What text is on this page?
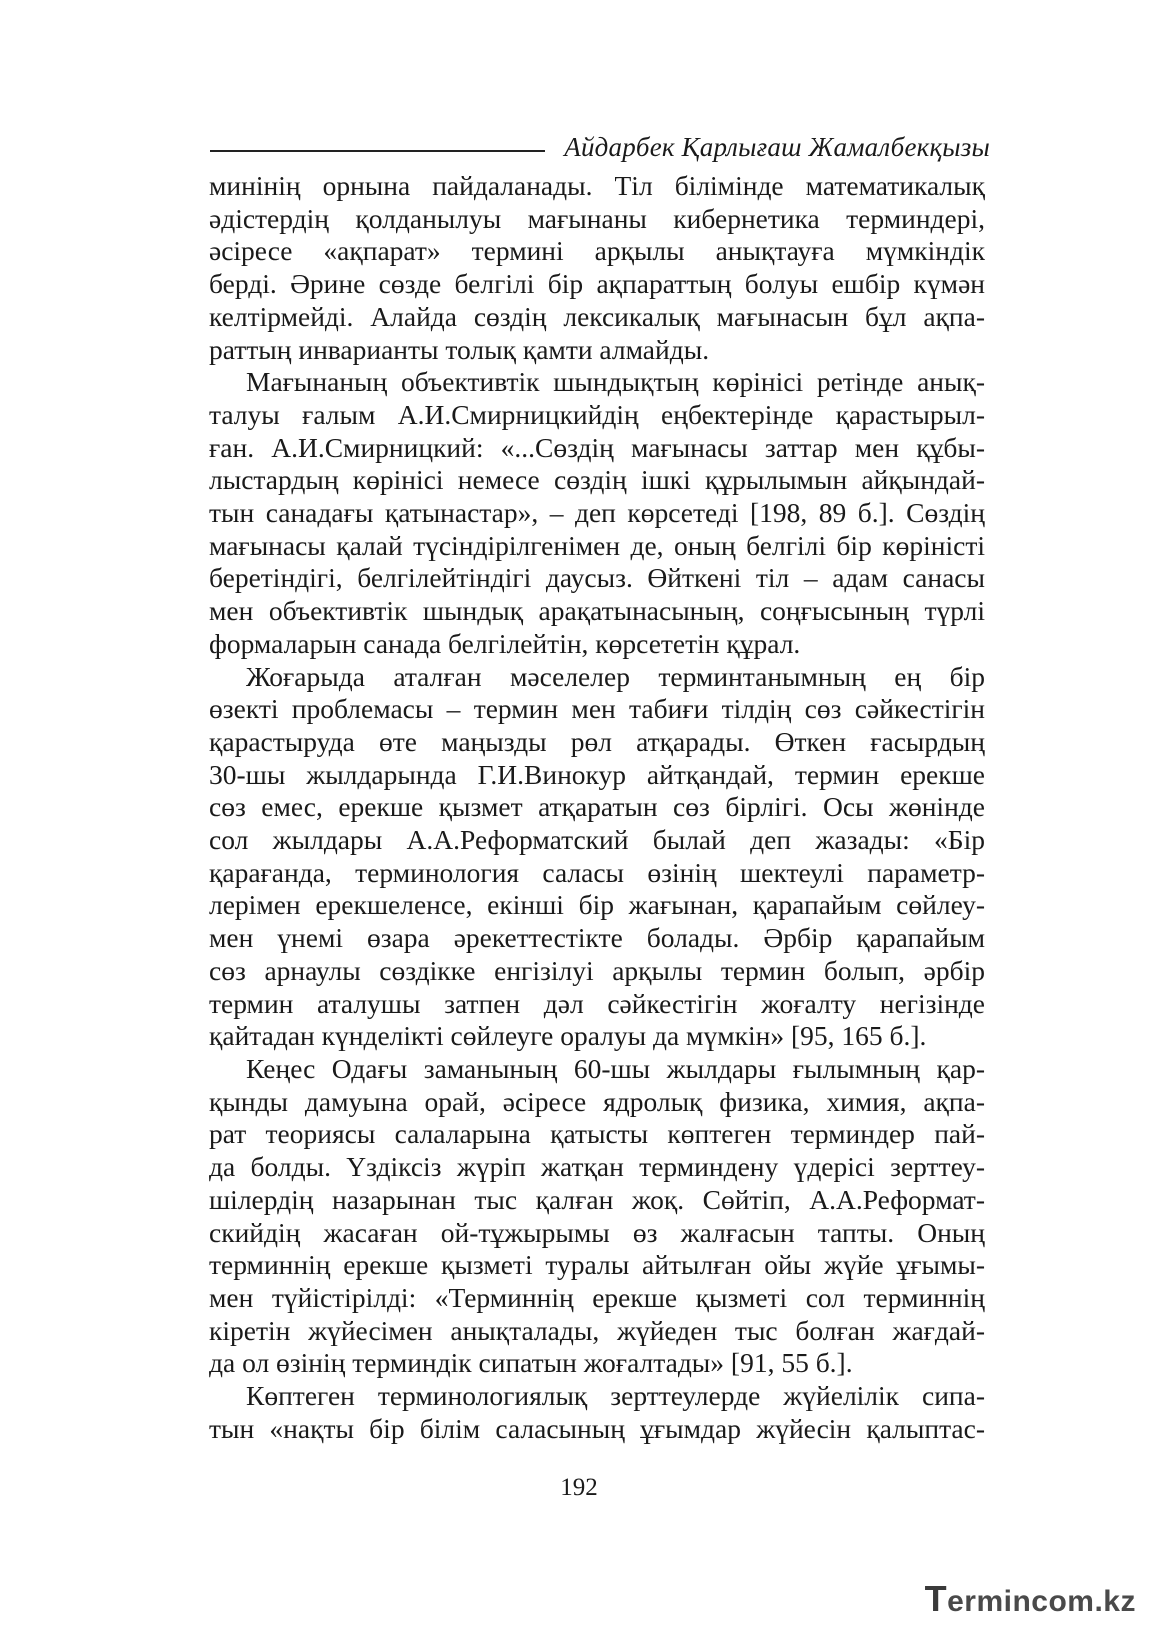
Айдарбек Қарлығаш Жамалбекқызы
минінің орнына пайдаланады. Тіл білімінде математикалық
әдістердің қолданылуы мағынаны кибернетика терминдері,
әсіресе «ақпарат» термині арқылы анықтауға мүмкіндік
берді. Әрине сөзде белгілі бір ақпараттың болуы ешбір күмән
келтірмейді. Алайда сөздің лексикалық мағынасын бұл ақпа-
раттың инварианты толық қамти алмайды.
Мағынаның объективтік шындықтың көрінісі ретінде анық-
талуы ғалым А.И.Смирницкийдің еңбектерінде қарастырыл-
ған. А.И.Смирницкий: «...Сөздің мағынасы заттар мен құбы-
лыстардың көрінісі немесе сөздің ішкі құрылымын айқындай-
тын санадағы қатынастар», – деп көрсетеді [198, 89 б.]. Сөздің
мағынасы қалай түсіндірілгенімен де, оның белгілі бір көріністі
беретіндігі, белгілейтіндігі даусыз. Өйткені тіл – адам санасы
мен объективтік шындық арақатынасының, соңғысының түрлі
формаларын санада белгілейтін, көрсететін құрал.
Жоғарыда аталған мәселелер терминтанымның ең бір
өзекті проблемасы – термин мен табиғи тілдің сөз сәйкестігін
қарастыруда өте маңызды рөл атқарады. Өткен ғасырдың
30-шы жылдарында Г.И.Винокур айтқандай, термин ерекше
сөз емес, ерекше қызмет атқаратын сөз бірлігі. Осы жөнінде
сол жылдары А.А.Реформатский былай деп жазады: «Бір
қарағанда, терминология саласы өзінің шектеулі параметр-
лерімен ерекшеленсе, екінші бір жағынан, қарапайым сөйлеу-
мен үнемі өзара әрекеттестікте болады. Әрбір қарапайым
сөз арнаулы сөздікке енгізілуі арқылы термин болып, әрбір
термин аталушы затпен дәл сәйкестігін жоғалту негізінде
қайтадан күнделікті сөйлеуге оралуы да мүмкін» [95, 165 б.].
Кеңес Одағы заманының 60-шы жылдары ғылымның қар-
қынды дамуына орай, әсіресе ядролық физика, химия, ақпа-
рат теориясы салаларына қатысты көптеген терминдер пай-
да болды. Үздіксіз жүріп жатқан терминдену үдерісі зерттеу-
шілердің назарынан тыс қалған жоқ. Сөйтіп, А.А.Реформат-
скийдің жасаған ой-тұжырымы өз жалғасын тапты. Оның
терминнің ерекше қызметі туралы айтылған ойы жүйе ұғымы-
мен түйістірілді: «Терминнің ерекше қызметі сол терминнің
кіретін жүйесімен анықталады, жүйеден тыс болған жағдай-
да ол өзінің терминдік сипатын жоғалтады» [91, 55 б.].
Көптеген терминологиялық зерттеулерде жүйелілік сипа-
тын «нақты бір білім саласының ұғымдар жүйесін қалыптас-
192
Termincom.kz
